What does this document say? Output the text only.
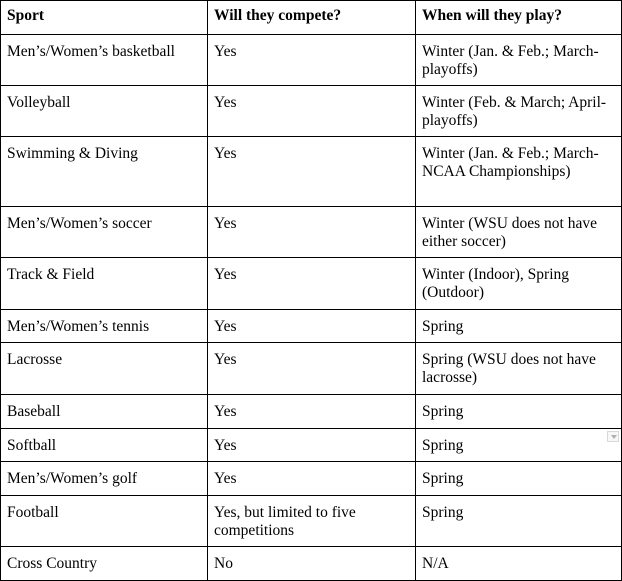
Sport	Will they compete?	When will they play?
Men’s/Women’s basketball	Yes	Winter (Jan. & Feb.; March-playoffs)
Volleyball	Yes	Winter (Feb. & March; April-playoffs)
Swimming & Diving	Yes	Winter (Jan. & Feb.; March-NCAA Championships)
Men’s/Women’s soccer	Yes	Winter (WSU does not have either soccer)
Track & Field	Yes	Winter (Indoor), Spring (Outdoor)
Men’s/Women’s tennis	Yes	Spring
Lacrosse	Yes	Spring (WSU does not have lacrosse)
Baseball	Yes	Spring
Softball	Yes	Spring
Men’s/Women’s golf	Yes	Spring
Football	Yes, but limited to five competitions	Spring
Cross Country	No	N/A
